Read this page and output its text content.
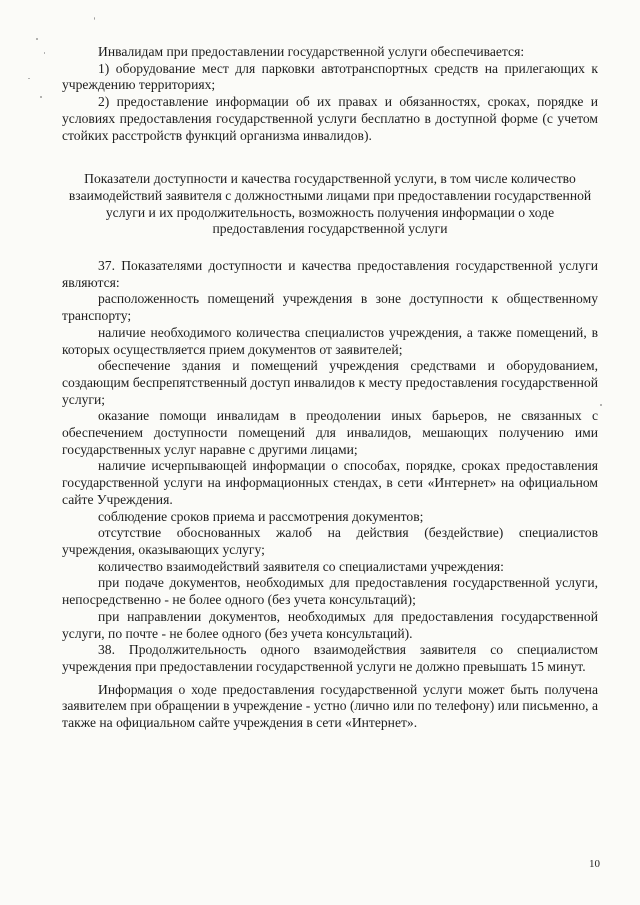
Инвалидам при предоставлении государственной услуги обеспечивается:

1) оборудование мест для парковки автотранспортных средств на прилегающих к учреждению территориях;

2) предоставление информации об их правах и обязанностях, сроках, порядке и условиях предоставления государственной услуги бесплатно в доступной форме (с учетом стойких расстройств функций организма инвалидов).

Показатели доступности и качества государственной услуги, в том числе количество взаимодействий заявителя с должностными лицами при предоставлении государственной услуги и их продолжительность, возможность получения информации о ходе предоставления государственной услуги

37. Показателями доступности и качества предоставления государственной услуги являются:

расположенность помещений учреждения в зоне доступности к общественному транспорту;

наличие необходимого количества специалистов учреждения, а также помещений, в которых осуществляется прием документов от заявителей;

обеспечение здания и помещений учреждения средствами и оборудованием, создающим беспрепятственный доступ инвалидов к месту предоставления государственной услуги;

оказание помощи инвалидам в преодолении иных барьеров, не связанных с обеспечением доступности помещений для инвалидов, мешающих получению ими государственных услуг наравне с другими лицами;

наличие исчерпывающей информации о способах, порядке, сроках предоставления государственной услуги на информационных стендах, в сети «Интернет» на официальном сайте Учреждения.

соблюдение сроков приема и рассмотрения документов;

отсутствие обоснованных жалоб на действия (бездействие) специалистов учреждения, оказывающих услугу;

количество взаимодействий заявителя со специалистами учреждения:

при подаче документов, необходимых для предоставления государственной услуги, непосредственно - не более одного (без учета консультаций);

при направлении документов, необходимых для предоставления государственной услуги, по почте - не более одного (без учета консультаций).

38. Продолжительность одного взаимодействия заявителя со специалистом учреждения при предоставлении государственной услуги не должно превышать 15 минут.

Информация о ходе предоставления государственной услуги может быть получена заявителем при обращении в учреждение - устно (лично или по телефону) или письменно, а также на официальном сайте учреждения в сети «Интернет».

10
